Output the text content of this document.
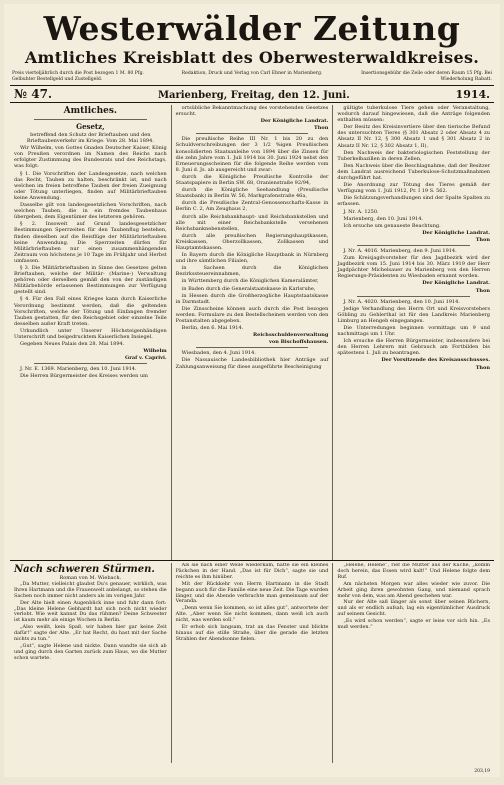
Westerwälder Zeitung
Amtliches Kreisblatt des Oberwesterwaldkreises.
Preis vierteljährlich durch die Post bezogen 1 M. 80 Pfg. Gelbuhter Bestellgeld und Zustellgeld.
Redaktion, Druck und Verlag von Carl Ebner in Marienberg.	Insertionsgebühr die Zeile oder deren Raum 15 Pfg. Bei Wiederholung Rabatt.
№ 47.	Marienberg, Freitag, den 12. Juni.	1914.
Amtliches.
Gesetz,

betreffend den Schutz der Brieftauben und den Brieftaubenverkehr im Kriege. Vom 28. Mai 1894.

Wir Wilhelm, von Gottes Gnaden Deutscher Kaiser, König von Preußen verordnen im Namen des Reichs nach erfolgter Zustimmung des Bundesrats und des Reichstags, was folgt:

§ 1. Die Vorschriften der Landesgesetze, nach welchen das Recht, Tauben zu halten, beschränkt ist, und nach welchen im freien betroffene Tauben der freien Zueignung oder Tötung unterliegen, finden auf Militärbrieftauben keine Anwendung.

Dasselbe gilt von landesgesetzlichen Vorschriften, nach welchen Tauben, die in ein fremdes Taubenhaus übergehen, dem Eigentümer des letzteren gehören.

§ 2. Insoweit auf Grund landesgesetzlicher Bestimmungen Sperrzeiten für den Taubenflug bestehen, finden dieselben auf die Reisflüge der Militärbrieftauben keine Anwendung. Die Sperrzeiten dürfen für Militärbrieftauben nur einen zusammenhängenden Zeitraum von höchstens je 10 Tage im Frühjahr und Herbst umfassen.

§ 3. Die Militärbrieftauben in Sinne des Gesetzes gelten Brieftauben, welche der Militär- (Marine-) Verwaltung gehören oder derselben gemäß den von der zuständigen Militärbehörde erlassenen Bestimmungen zur Verfügung gestellt sind.

§ 4. Für den Fall eines Krieges kann durch Kaiserliche Verordnung bestimmt werden, daß die geltenden Vorschriften, welche der Tötung und Einfangen fremder Tauben gestatten, für den Reichsgebiet oder einzelne Teile desselben außer Kraft treten.

Urkundlich unter Unserer Höchsteigenhändigen Unterschrift und beigedrucktem Kaiserlichen Insiegel.

Gegeben Neues Palais den 28. Mai 1894.

Wilhelm

Graf v. Caprivi.

J. Nr. E. 1369. Marienberg, den 10. Juni 1914.

Die Herren Bürgermeister des Kreises werden um

ortsübliche Bekanntmachung des vorstehenden Gesetzes ersucht.

Der Königliche Landrat.

Thon

Die preußische Reihe III Nr. 1 bis 20 zu den Schuldverschreibungen der 3 1/2 %igen Preußischen konsolidierten Staatsanleihe von 1894 über die Zinsen für die zehn Jahre vom 1. Juli 1914 bis 30. Juni 1924 nebst den Erneuerungsscheinen für die folgende Reihe werden vom 8. Juni d. Js. ab ausgereicht und zwar:

durch die Königliche Preußische Kontrolle der Staatspapiere in Berlin SW. 68, Oranienstraße 92/94,

durch die Königliche Seehandlung (Preußische Staatsbank) in Berlin W. 56, Markgrafenstraße 46a,

durch die Preußische Zentral-Genossenschafts-Kasse in Berlin C. 2, Am Zeughaus 2,

durch alle Reichsbankhaupt- und Reichsbankstellen und alle mit einer Reichsbankstelle versehenen Reichsbanknebenstellen,

durch alle preußischen Regierungshauptkassen, Kreiskassen, Oberzollkassen, Zollkassen und Hauptamtskassen.

In Bayern durch die Königliche Hauptbank in Nürnberg und ihre sämtlichen Filialen,

in Sachsen durch die Königlichen Bezirkssteuereinnahmen,

in Württemberg durch die Königlichen Kameralämter,

in Baden durch die Generalstaatskasse in Karlsruhe,

in Hessen durch die Großherzogliche Hauptstaatskasse in Darmstadt.

Die Zinsscheine können auch durch die Post bezogen werden. Formulare zu den Bestellscheinen werden von den Postanstalten abgegeben.

Berlin, den 6. Mai 1914.

Reichsschuldenverwaltung

von Bischoffshausen.

Wiesbaden, den 4. Juni 1914.

Die Nassauische Landesbibliothek hier Anträge auf Zahlungsanweisung für diese ausgeführte Bescheinigung

gültigte tuberkulose Tiere gehen oder Veranstaltung, wodurch darauf hingewiesen, daß die Anträge folgenden enthalten müssen:

Der Besitz des Kreisinvertiere über den tierische Befund des untersuchten Tieres (§ 301 Absatz 2 oder Absatz 4 zu Absatz II Nr. 12, § 300 Absatz 1 und § 301 Absatz 2 in Absatz II Nr. 12, § 302 Absatz 1, II),

Den Nachweis der bakteriologischen Feststellung der Tuberkelbazillen in deren Zellen,

Den Nachweis über die Beschlagnahme, daß der Besitzer dem Landrat ausreichend Tuberkulose-Schutzmaßnahmen durchgeführt hat.

Die Anordnung zur Tötung des Tieres gemäß der Verfügung vom 1. Juli 1912, Pr. I 19 S. 562.

Die Schätzungsverhandlungen sind der Spalte Spalten zu erfassen.

J. Nr. A. 1250.

Marienberg, den 10. Juni 1914.

Ich ersuche um genaueste Beachtung.

Der Königliche Landrat.

Thon

J. Nr. A. 4016. Marienberg, den 9. Juni 1914.

Zum Kreisjagdvorsteher für den Jagdbezirk wird der Jagdbezirk vom 15. Juni 1914 bis 30. März 1919 der Herr Jagdpächter Michelsauer zu Marienberg von den Herren Regierungs-Präsidenten zu Wiesbaden ernannt worden.

Der Königliche Landrat.

Thon

J. Nr. A. 4020. Marienberg, den 10. Juni 1914.

Jedige Verhandlung des Herrn Ort und Kreisvorstehers Göbling zu Gehlerthal ist für den Landkreis Marienberg Limburg an Hengeb eingegangen.

Die Unterredungen beginnen vormittags um 9 und nachmittags um 1 Uhr.

Ich ersuche die Herren Bürgermeister, insbesondere bei den Herren Lehrern mit Gebrauch am Fortbilden bis spätestens 1. Juli zu beantragen.

Der Vorsitzende des Kreisausschusses.

Thon

Nach schweren Stürmen.
Roman von M. Wiebach.

„Da Mutter, vielleicht glaubst Du's genauer, wirklich, was Ihren Hartmann und die Frauenwelt anbelangt, so stehen die Sachen noch immer nicht anders als im vorigen Jahr.

Der Alte hielt einen Augenblick inne und fuhr dann fort: „Das kleine Helene Gebhardt hat sich noch nicht wieder verlobt. Wie weit kannst Du das rühmen? Deine Schwester ist kaum mehr als einige Wochen in Berlin.

„Also weißt, kein Spaß, wir haben hier gar keine Zeit dafür!“ sagte der Alte. „Er hat Recht, du hast mit der Sache nichts zu tun.“

„Gut“, sagte Helene und nickte. Dann wandte sie sich ab und ging durch den Garten zurück zum Haus, wo die Mutter schon wartete.

Als sie nach einer Weile wiederkam, hatte sie ein kleines Päckchen in der Hand. „Das ist für Dich“, sagte sie und reichte es ihm hinüber.

Mit der Rückkehr von Herrn Hartmann in die Stadt begann auch für die Familie eine neue Zeit. Die Tage wurden länger, und die Abende verbrachte man gemeinsam auf der Veranda.

„Denn wenn Sie kommen, so ist alles gut“, antwortete der Alte. „Aber wenn Sie nicht kommen, dann weiß ich auch nicht, was werden soll.“

Er erhob sich langsam, trat an das Fenster und blickte hinaus auf die stille Straße, über die gerade die letzten Strahlen der Abendsonne fielen.

„Helene, Helene“, rief die Mutter aus der Küche, „komm doch herein, das Essen wird kalt!“ Und Helene folgte dem Ruf.

Am nächsten Morgen war alles wieder wie zuvor. Die Arbeit ging ihren gewohnten Gang, und niemand sprach mehr von dem, was am Abend geschehen war.

Nur der Alte saß länger als sonst über seinen Büchern, und als er endlich aufsah, lag ein eigentümlicher Ausdruck auf seinem Gesicht.

„Es wird schon werden“, sagte er leise vor sich hin. „Es muß werden.“

203,19
